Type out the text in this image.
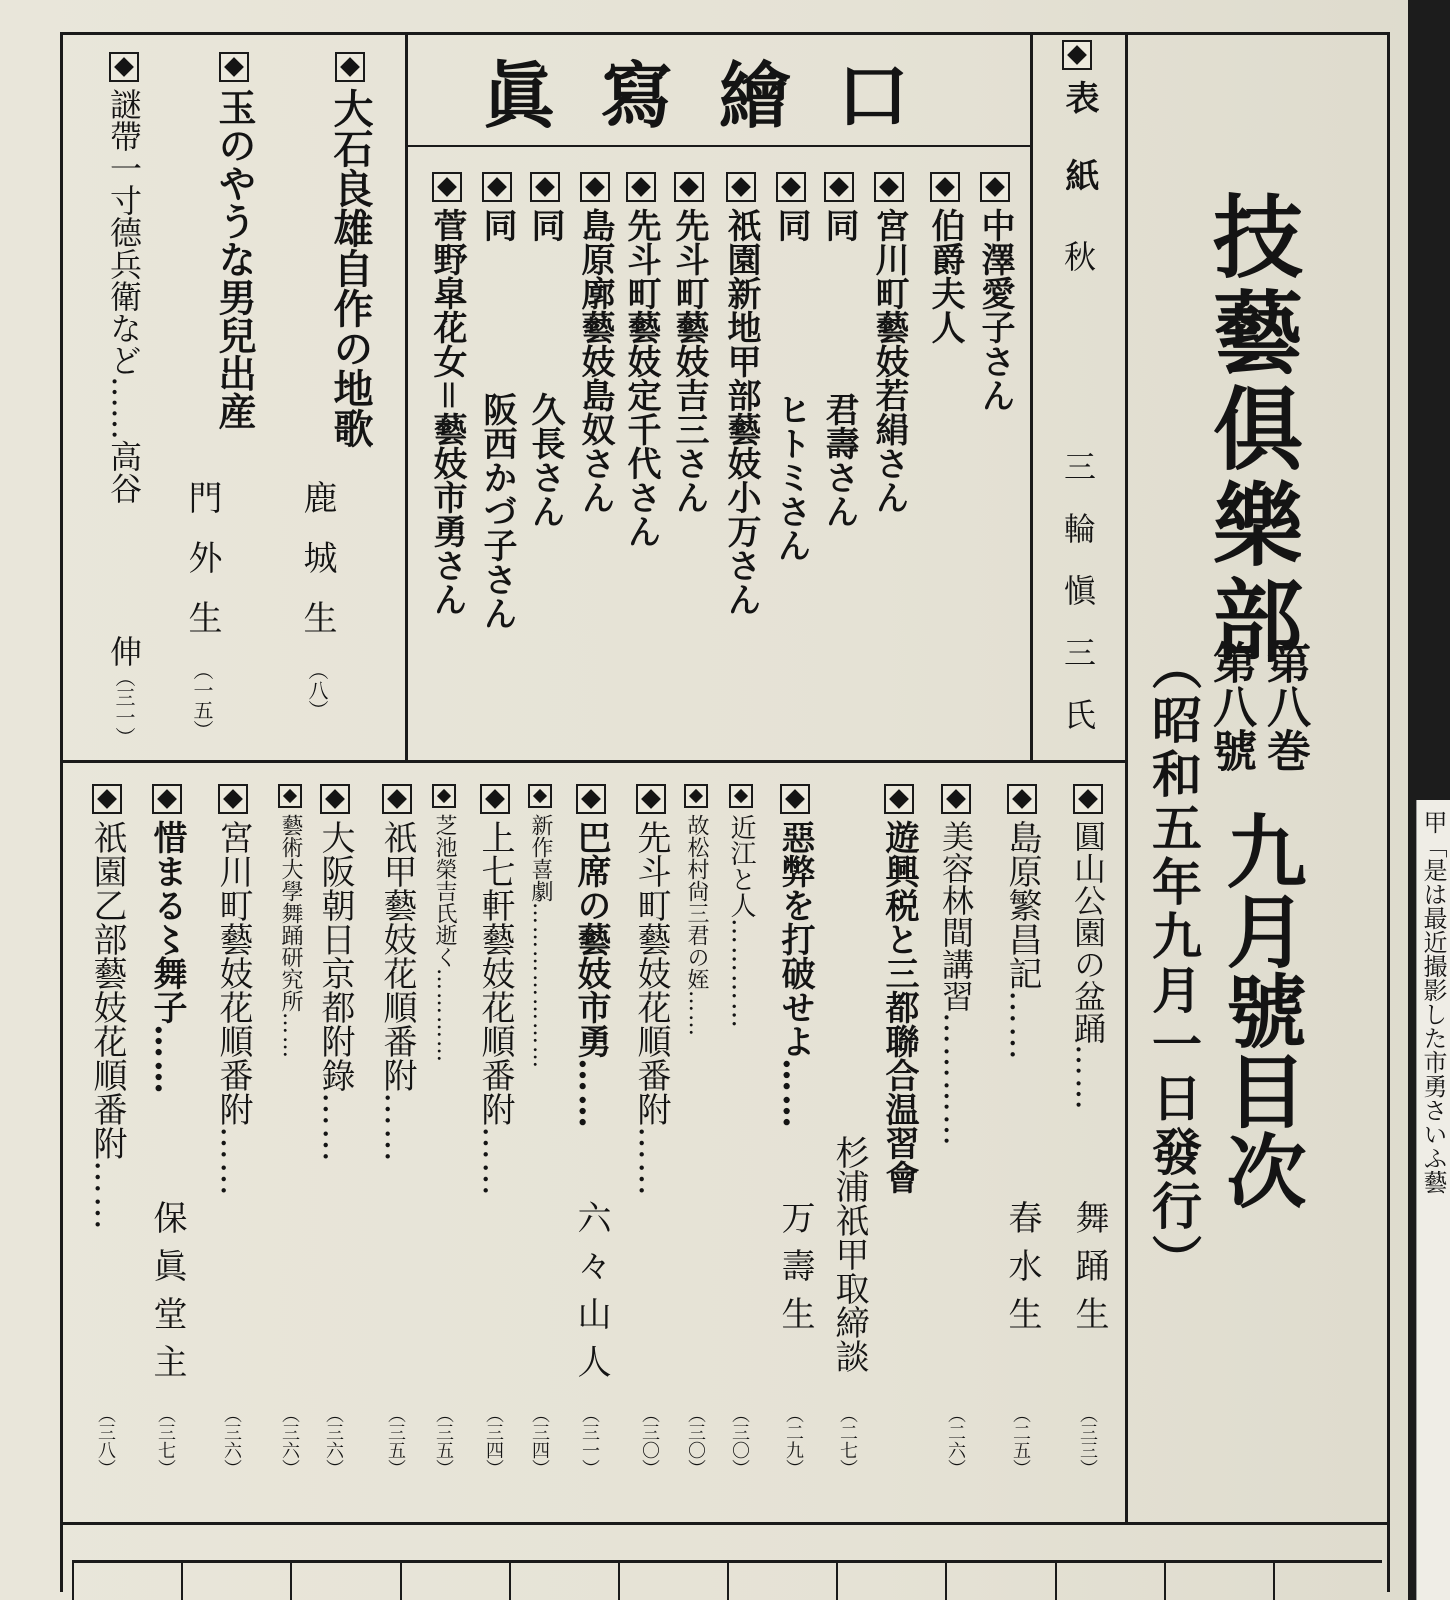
甲「是は最近撮影した市勇さいふ藝
技藝俱樂部
第八巻
第八號
九月號目次
（昭和五年九月一日發行）
表紙
秋
三輪愼三氏
口繪寫眞
中澤愛子さん
伯爵夫人
宮川町藝妓若絹さん
同君壽さん
同ヒトミさん
祇園新地甲部藝妓小万さん
先斗町藝妓吉三さん
先斗町藝妓定千代さん
島原廓藝妓島奴さん
同久長さん
同阪西かづ子さん
菅野皐花女＝藝妓市勇さん
大石良雄自作の地歌
鹿城生（八）
玉のやうな男兒出産
門外生（一五）
謎帶一寸德兵衛など……高谷
伸（三一）
圓山公園の盆踊……
舞踊生
（三三）
島原繁昌記……
春水生
（二五）
美容林間講習…………
（二六）
遊興税と三都聯合温習會
杉浦祇甲取締談
（二七）
惡弊を打破せよ……
万壽生
（二九）
近江と人…………
（三〇）
故松村尙三君の姪……
（三〇）
先斗町藝妓花順番附……
（三〇）
巴席の藝妓市勇……
六々山人
（三一）
新作喜劇…………………
（三四）
上七軒藝妓花順番附……
（三四）
芝池榮吉氏逝く…………
（三五）
祇甲藝妓花順番附……
（三五）
大阪朝日京都附錄……
（三六）
藝術大學舞踊研究所……
（三六）
宮川町藝妓花順番附……
（三六）
惜まる〻舞子……
保眞堂主
（三七）
祇園乙部藝妓花順番附……
（三八）
